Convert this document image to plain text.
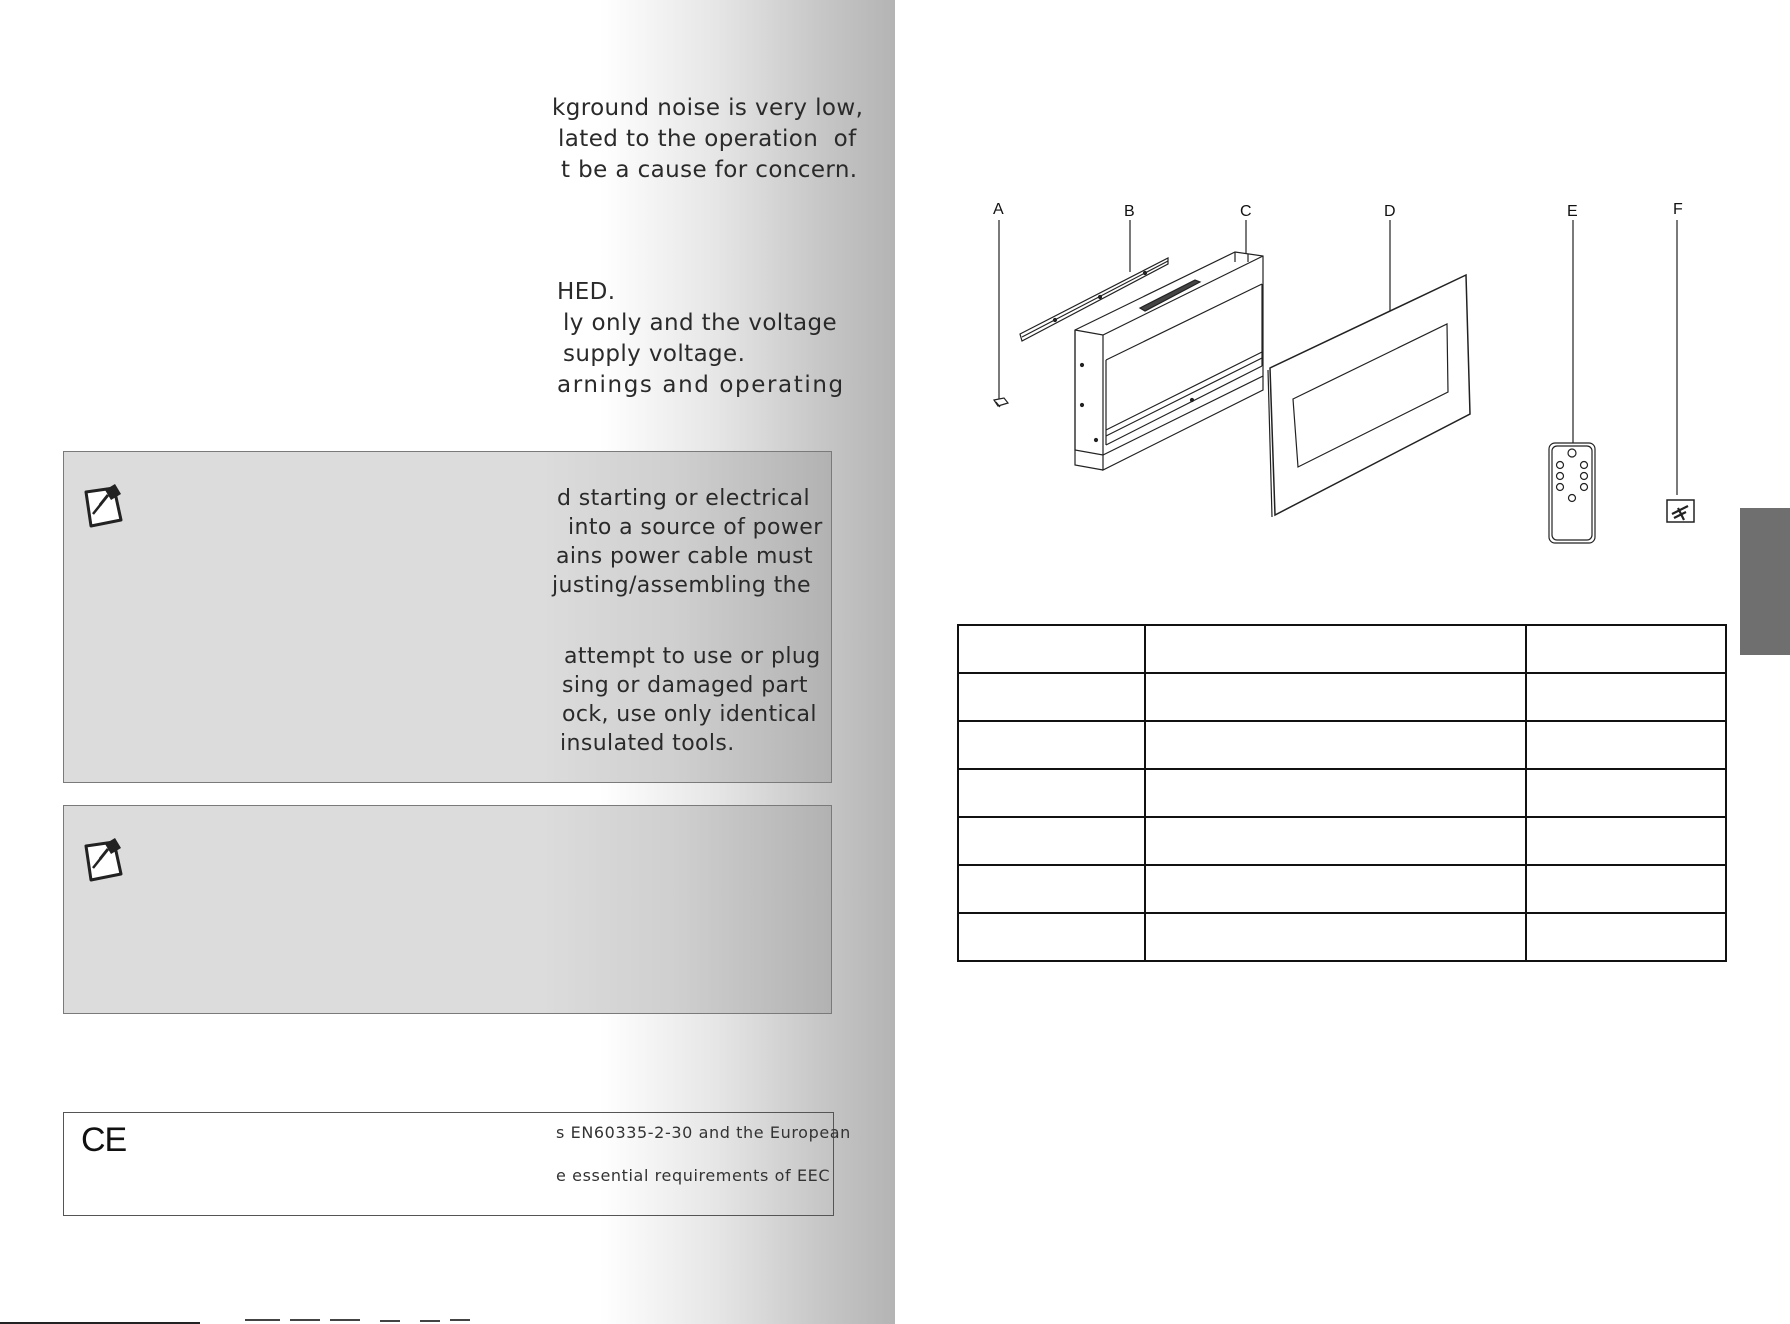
kground noise is very low,
lated to the operation  of
t be a cause for concern.
HED.
ly only and the voltage
supply voltage.
arnings and operating
d starting or electrical
into a source of power
ains power cable must
justing/assembling the
attempt to use or plug
sing or damaged part
ock, use only identical
insulated tools.
CE	s EN60335-2-30 and the European
e essential requirements of EEC
A	B	C	D	E	F
